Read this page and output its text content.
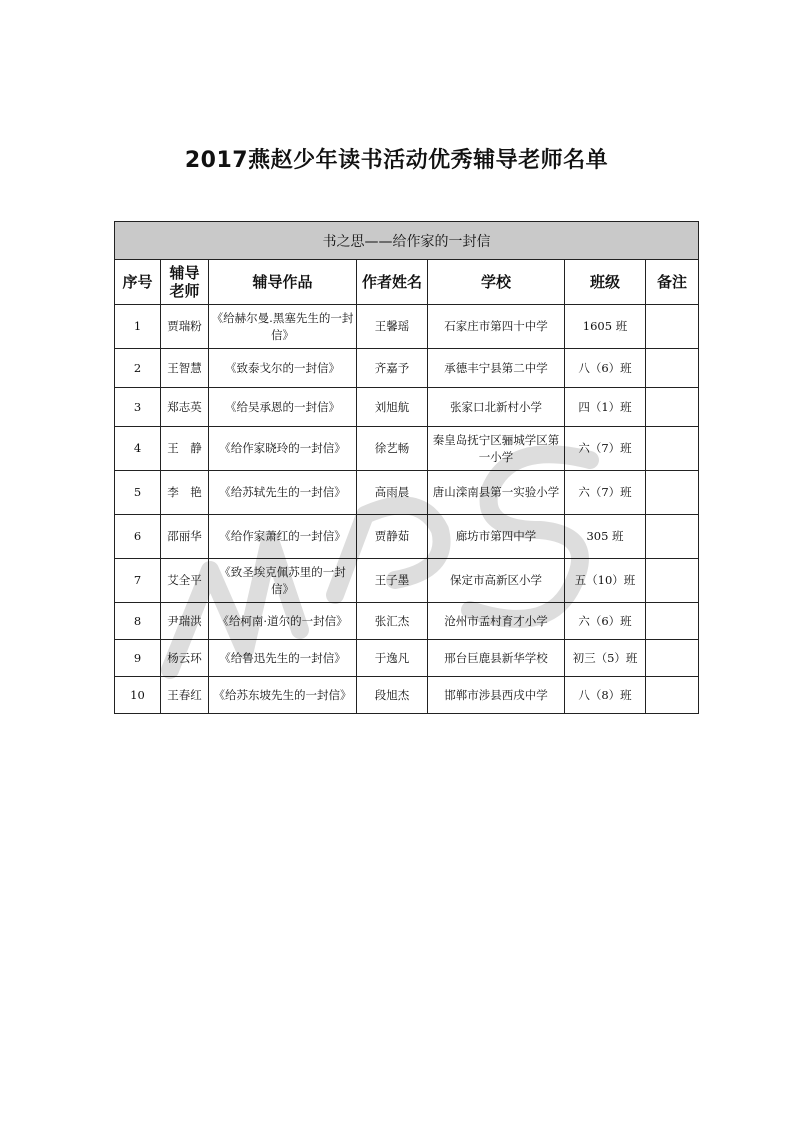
2017燕赵少年读书活动优秀辅导老师名单
书之思——给作家的一封信						
序号	辅导老师	辅导作品	作者姓名	学校	班级	备注
1	贾瑞粉	《给赫尔曼.黑塞先生的一封信》	王馨瑶	石家庄市第四十中学	1605 班	
2	王智慧	《致泰戈尔的一封信》	齐嘉予	承德丰宁县第二中学	八（6）班	
3	郑志英	《给吴承恩的一封信》	刘旭航	张家口北新村小学	四（1）班	
4	王　静	《给作家晓玲的一封信》	徐艺畅	秦皇岛抚宁区骊城学区第一小学	六（7）班	
5	李　艳	《给苏轼先生的一封信》	高雨晨	唐山滦南县第一实验小学	六（7）班	
6	邵丽华	《给作家萧红的一封信》	贾静茹	廊坊市第四中学	305 班	
7	艾全平	《致圣埃克佩苏里的一封信》	王子墨	保定市高新区小学	五（10）班	
8	尹瑞洪	《给柯南·道尔的一封信》	张汇杰	沧州市孟村育才小学	六（6）班	
9	杨云环	《给鲁迅先生的一封信》	于逸凡	邢台巨鹿县新华学校	初三（5）班	
10	王春红	《给苏东坡先生的一封信》	段旭杰	邯郸市涉县西戌中学	八（8）班	
